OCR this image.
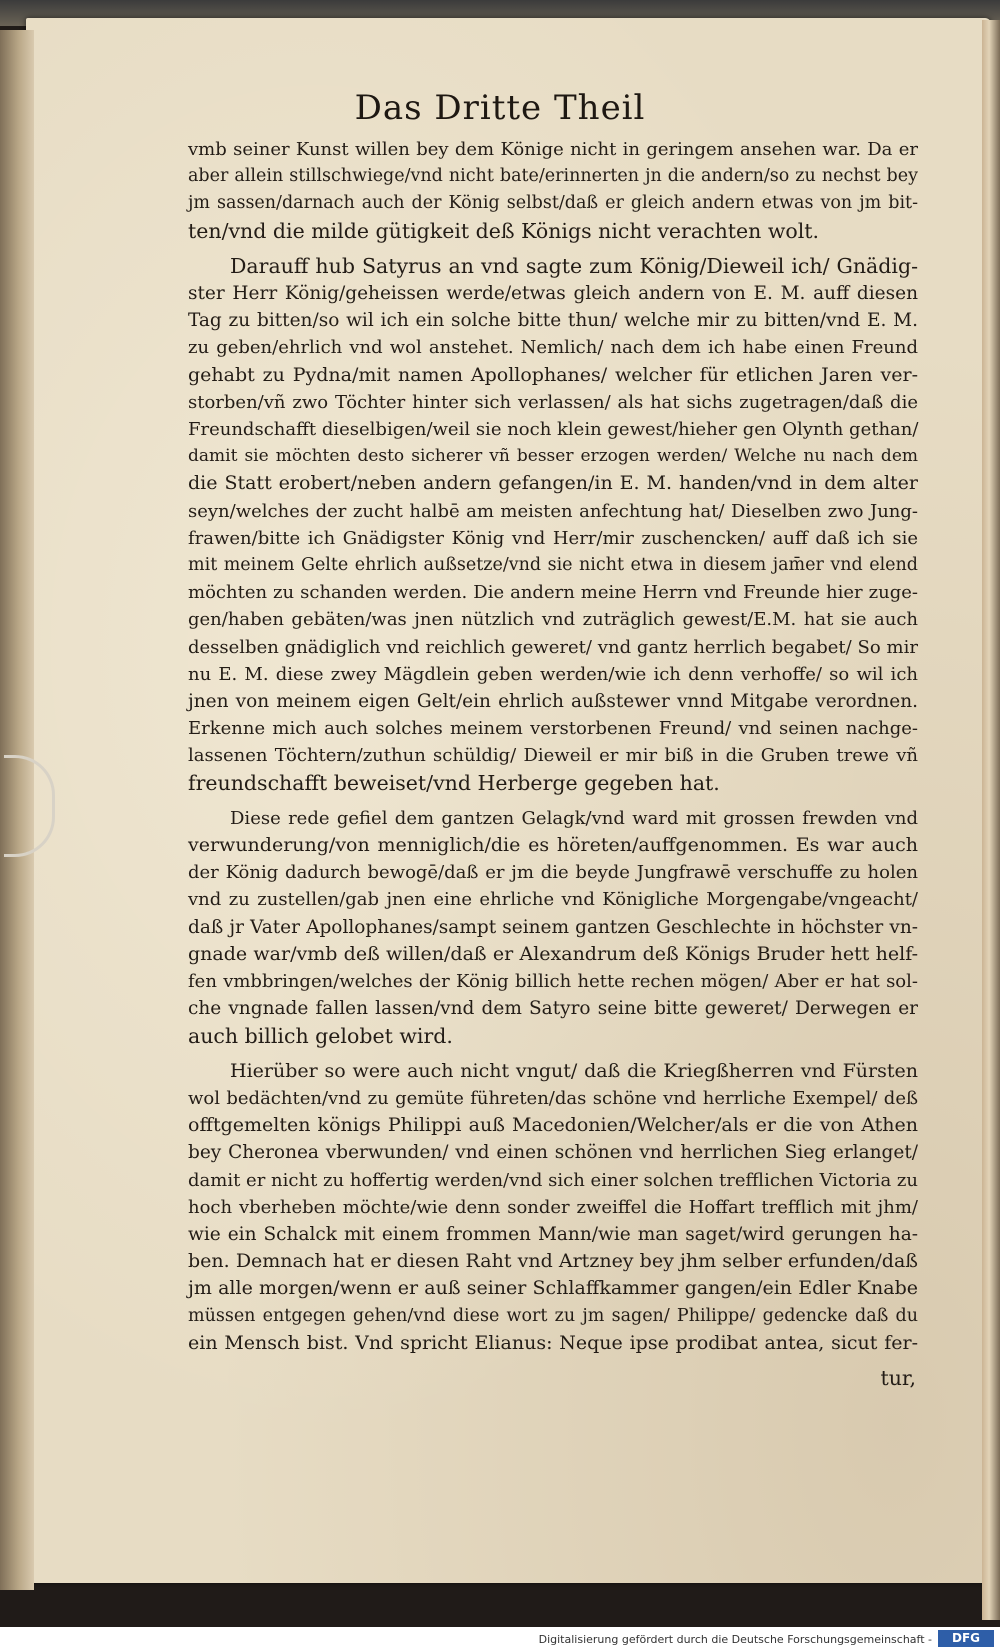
Das Dritte Theil
vmb seiner Kunst willen bey dem Könige nicht in geringem ansehen war. Da er
aber allein stillschwiege/vnd nicht bate/erinnerten jn die andern/so zu nechst bey
jm sassen/darnach auch der König selbst/daß er gleich andern etwas von jm bit-
ten/vnd die milde gütigkeit deß Königs nicht verachten wolt.
Darauff hub Satyrus an vnd sagte zum König/Dieweil ich/ Gnädig-
ster Herr König/geheissen werde/etwas gleich andern von E. M. auff diesen
Tag zu bitten/so wil ich ein solche bitte thun/ welche mir zu bitten/vnd E. M.
zu geben/ehrlich vnd wol anstehet. Nemlich/ nach dem ich habe einen Freund
gehabt zu Pydna/mit namen Apollophanes/ welcher für etlichen Jaren ver-
storben/vñ zwo Töchter hinter sich verlassen/ als hat sichs zugetragen/daß die
Freundschafft dieselbigen/weil sie noch klein gewest/hieher gen Olynth gethan/
damit sie möchten desto sicherer vñ besser erzogen werden/ Welche nu nach dem
die Statt erobert/neben andern gefangen/in E. M. handen/vnd in dem alter
seyn/welches der zucht halbē am meisten anfechtung hat/ Dieselben zwo Jung-
frawen/bitte ich Gnädigster König vnd Herr/mir zuschencken/ auff daß ich sie
mit meinem Gelte ehrlich außsetze/vnd sie nicht etwa in diesem jam̄er vnd elend
möchten zu schanden werden. Die andern meine Herrn vnd Freunde hier zuge-
gen/haben gebäten/was jnen nützlich vnd zuträglich gewest/E.M. hat sie auch
desselben gnädiglich vnd reichlich geweret/ vnd gantz herrlich begabet/ So mir
nu E. M. diese zwey Mägdlein geben werden/wie ich denn verhoffe/ so wil ich
jnen von meinem eigen Gelt/ein ehrlich außstewer vnnd Mitgabe verordnen.
Erkenne mich auch solches meinem verstorbenen Freund/ vnd seinen nachge-
lassenen Töchtern/zuthun schüldig/ Dieweil er mir biß in die Gruben trewe vñ
freundschafft beweiset/vnd Herberge gegeben hat.
Diese rede gefiel dem gantzen Gelagk/vnd ward mit grossen frewden vnd
verwunderung/von menniglich/die es höreten/auffgenommen. Es war auch
der König dadurch bewogē/daß er jm die beyde Jungfrawē verschuffe zu holen
vnd zu zustellen/gab jnen eine ehrliche vnd Königliche Morgengabe/vngeacht/
daß jr Vater Apollophanes/sampt seinem gantzen Geschlechte in höchster vn-
gnade war/vmb deß willen/daß er Alexandrum deß Königs Bruder hett helf-
fen vmbbringen/welches der König billich hette rechen mögen/ Aber er hat sol-
che vngnade fallen lassen/vnd dem Satyro seine bitte geweret/ Derwegen er
auch billich gelobet wird.
Hierüber so were auch nicht vngut/ daß die Kriegßherren vnd Fürsten
wol bedächten/vnd zu gemüte führeten/das schöne vnd herrliche Exempel/ deß
offtgemelten königs Philippi auß Macedonien/Welcher/als er die von Athen
bey Cheronea vberwunden/ vnd einen schönen vnd herrlichen Sieg erlanget/
damit er nicht zu hoffertig werden/vnd sich einer solchen trefflichen Victoria zu
hoch vberheben möchte/wie denn sonder zweiffel die Hoffart trefflich mit jhm/
wie ein Schalck mit einem frommen Mann/wie man saget/wird gerungen ha-
ben. Demnach hat er diesen Raht vnd Artzney bey jhm selber erfunden/daß
jm alle morgen/wenn er auß seiner Schlaffkammer gangen/ein Edler Knabe
müssen entgegen gehen/vnd diese wort zu jm sagen/ Philippe/ gedencke daß du
ein Mensch bist. Vnd spricht Elianus: Neque ipse prodibat antea, sicut fer-
tur,
Digitalisierung gefördert durch die Deutsche Forschungsgemeinschaft -	DFG
